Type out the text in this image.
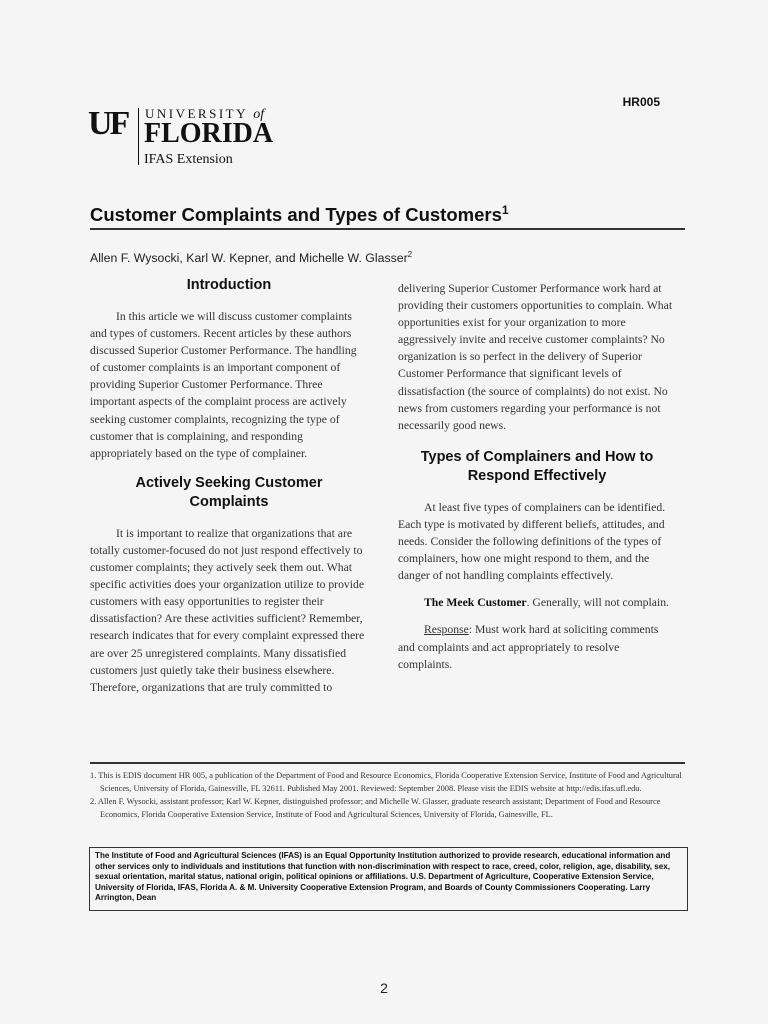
HR005
UF UNIVERSITY of
FLORIDA
IFAS Extension
Customer Complaints and Types of Customers$^1$
Allen F. Wysocki, Karl W. Kepner, and Michelle W. Glasser$^2$
Introduction

In this article we will discuss customer complaints and types of customers. Recent articles by these authors discussed Superior Customer Performance. The handling of customer complaints is an important component of providing Superior Customer Performance. Three important aspects of the complaint process are actively seeking customer complaints, recognizing the type of customer that is complaining, and responding appropriately based on the type of complainer.

Actively Seeking Customer Complaints

It is important to realize that organizations that are totally customer-focused do not just respond effectively to customer complaints; they actively seek them out. What specific activities does your organization utilize to provide customers with easy opportunities to register their dissatisfaction? Are these activities sufficient? Remember, research indicates that for every complaint expressed there are over 25 unregistered complaints. Many dissatisfied customers just quietly take their business elsewhere. Therefore, organizations that are truly committed to

delivering Superior Customer Performance work hard at providing their customers opportunities to complain. What opportunities exist for your organization to more aggressively invite and receive customer complaints? No organization is so perfect in the delivery of Superior Customer Performance that significant levels of dissatisfaction (the source of complaints) do not exist. No news from customers regarding your performance is not necessarily good news.

Types of Complainers and How to Respond Effectively

At least five types of complainers can be identified. Each type is motivated by different beliefs, attitudes, and needs. Consider the following definitions of the types of complainers, how one might respond to them, and the danger of not handling complaints effectively.

The Meek Customer. Generally, will not complain.

Response: Must work hard at soliciting comments and complaints and act appropriately to resolve complaints.

1. This is EDIS document HR 005, a publication of the Department of Food and Resource Economics, Florida Cooperative Extension Service, Institute of Food and Agricultural Sciences, University of Florida, Gainesville, FL 32611. Published May 2001. Reviewed: September 2008. Please visit the EDIS website at http://edis.ifas.ufl.edu.
2. Allen F. Wysocki, assistant professor; Karl W. Kepner, distinguished professor; and Michelle W. Glasser, graduate research assistant; Department of Food and Resource Economics, Florida Cooperative Extension Service, Institute of Food and Agricultural Sciences, University of Florida, Gainesville, FL.
The Institute of Food and Agricultural Sciences (IFAS) is an Equal Opportunity Institution authorized to provide research, educational information and other services only to individuals and institutions that function with non-discrimination with respect to race, creed, color, religion, age, disability, sex, sexual orientation, marital status, national origin, political opinions or affiliations. U.S. Department of Agriculture, Cooperative Extension Service, University of Florida, IFAS, Florida A. & M. University Cooperative Extension Program, and Boards of County Commissioners Cooperating. Larry Arrington, Dean
2
